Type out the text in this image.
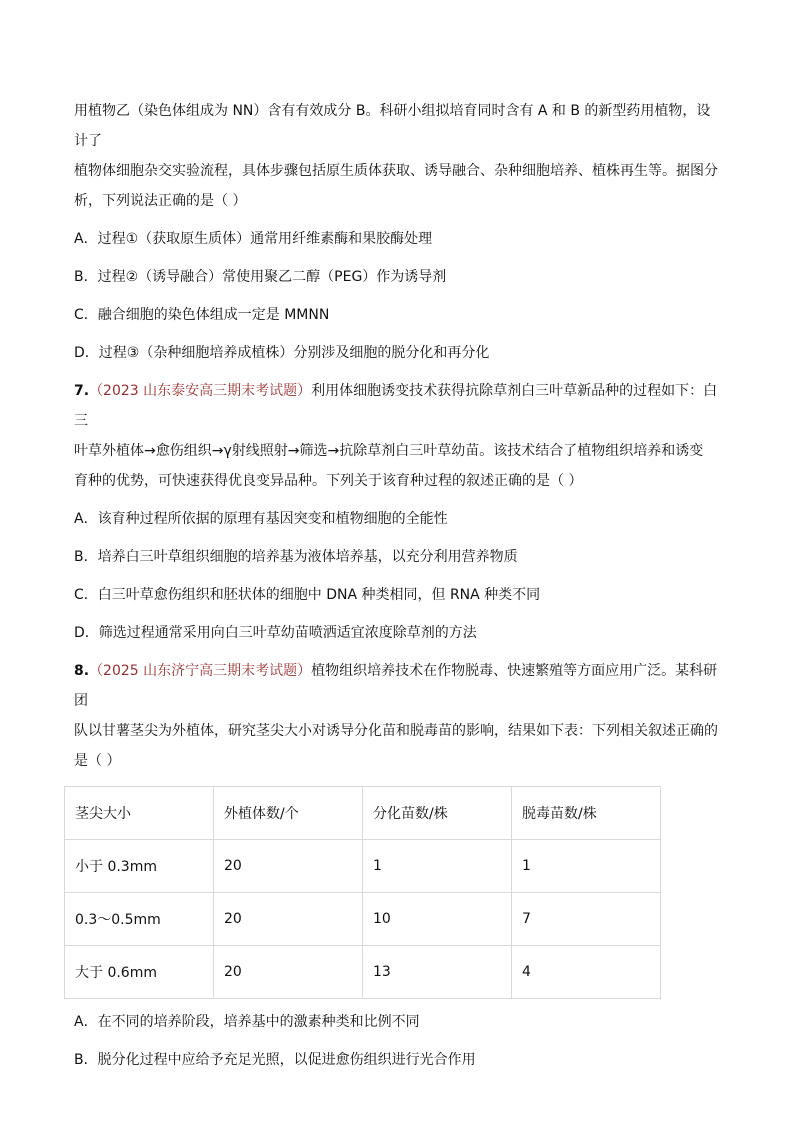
用植物乙（染色体组成为 NN）含有有效成分 B。科研小组拟培育同时含有 A 和 B 的新型药用植物，设计了

植物体细胞杂交实验流程，具体步骤包括原生质体获取、诱导融合、杂种细胞培养、植株再生等。据图分

析，下列说法正确的是（ ）

A．过程①（获取原生质体）通常用纤维素酶和果胶酶处理

B．过程②（诱导融合）常使用聚乙二醇（PEG）作为诱导剂

C．融合细胞的染色体组成一定是 MMNN

D．过程③（杂种细胞培养成植株）分别涉及细胞的脱分化和再分化

7.（2023 山东泰安高三期末考试题）利用体细胞诱变技术获得抗除草剂白三叶草新品种的过程如下：白三

叶草外植体→愈伤组织→γ射线照射→筛选→抗除草剂白三叶草幼苗。该技术结合了植物组织培养和诱变

育种的优势，可快速获得优良变异品种。下列关于该育种过程的叙述正确的是（ ）

A．该育种过程所依据的原理有基因突变和植物细胞的全能性

B．培养白三叶草组织细胞的培养基为液体培养基，以充分利用营养物质

C．白三叶草愈伤组织和胚状体的细胞中 DNA 种类相同，但 RNA 种类不同

D．筛选过程通常采用向白三叶草幼苗喷洒适宜浓度除草剂的方法

8.（2025 山东济宁高三期末考试题）植物组织培养技术在作物脱毒、快速繁殖等方面应用广泛。某科研团

队以甘薯茎尖为外植体，研究茎尖大小对诱导分化苗和脱毒苗的影响，结果如下表：下列相关叙述正确的

是（ ）

茎尖大小	外植体数/个	分化苗数/株	脱毒苗数/株
小于 0.3mm	20	1	1
0.3～0.5mm	20	10	7
大于 0.6mm	20	13	4

A．在不同的培养阶段，培养基中的激素种类和比例不同

B．脱分化过程中应给予充足光照，以促进愈伤组织进行光合作用
